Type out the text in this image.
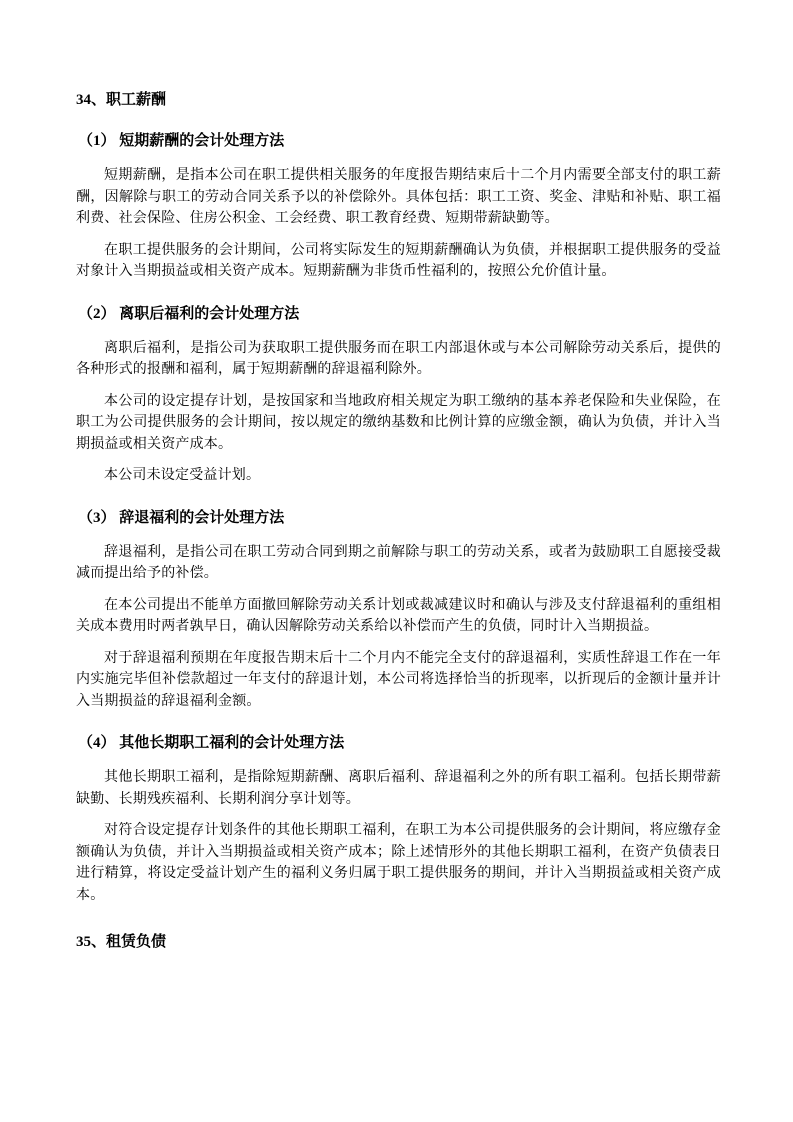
34、职工薪酬
（1） 短期薪酬的会计处理方法

短期薪酬，是指本公司在职工提供相关服务的年度报告期结束后十二个月内需要全部支付的职工薪酬，因解除与职工的劳动合同关系予以的补偿除外。具体包括：职工工资、奖金、津贴和补贴、职工福利费、社会保险、住房公积金、工会经费、职工教育经费、短期带薪缺勤等。

在职工提供服务的会计期间，公司将实际发生的短期薪酬确认为负债，并根据职工提供服务的受益对象计入当期损益或相关资产成本。短期薪酬为非货币性福利的，按照公允价值计量。

（2） 离职后福利的会计处理方法

离职后福利，是指公司为获取职工提供服务而在职工内部退休或与本公司解除劳动关系后，提供的各种形式的报酬和福利，属于短期薪酬的辞退福利除外。

本公司的设定提存计划，是按国家和当地政府相关规定为职工缴纳的基本养老保险和失业保险，在职工为公司提供服务的会计期间，按以规定的缴纳基数和比例计算的应缴金额，确认为负债，并计入当期损益或相关资产成本。

本公司未设定受益计划。

（3） 辞退福利的会计处理方法

辞退福利，是指公司在职工劳动合同到期之前解除与职工的劳动关系，或者为鼓励职工自愿接受裁减而提出给予的补偿。

在本公司提出不能单方面撤回解除劳动关系计划或裁减建议时和确认与涉及支付辞退福利的重组相关成本费用时两者孰早日，确认因解除劳动关系给以补偿而产生的负债，同时计入当期损益。

对于辞退福利预期在年度报告期末后十二个月内不能完全支付的辞退福利，实质性辞退工作在一年内实施完毕但补偿款超过一年支付的辞退计划，本公司将选择恰当的折现率，以折现后的金额计量并计入当期损益的辞退福利金额。

（4） 其他长期职工福利的会计处理方法

其他长期职工福利，是指除短期薪酬、离职后福利、辞退福利之外的所有职工福利。包括长期带薪缺勤、长期残疾福利、长期利润分享计划等。

对符合设定提存计划条件的其他长期职工福利，在职工为本公司提供服务的会计期间，将应缴存金额确认为负债，并计入当期损益或相关资产成本；除上述情形外的其他长期职工福利，在资产负债表日进行精算，将设定受益计划产生的福利义务归属于职工提供服务的期间，并计入当期损益或相关资产成本。

35、租赁负债
